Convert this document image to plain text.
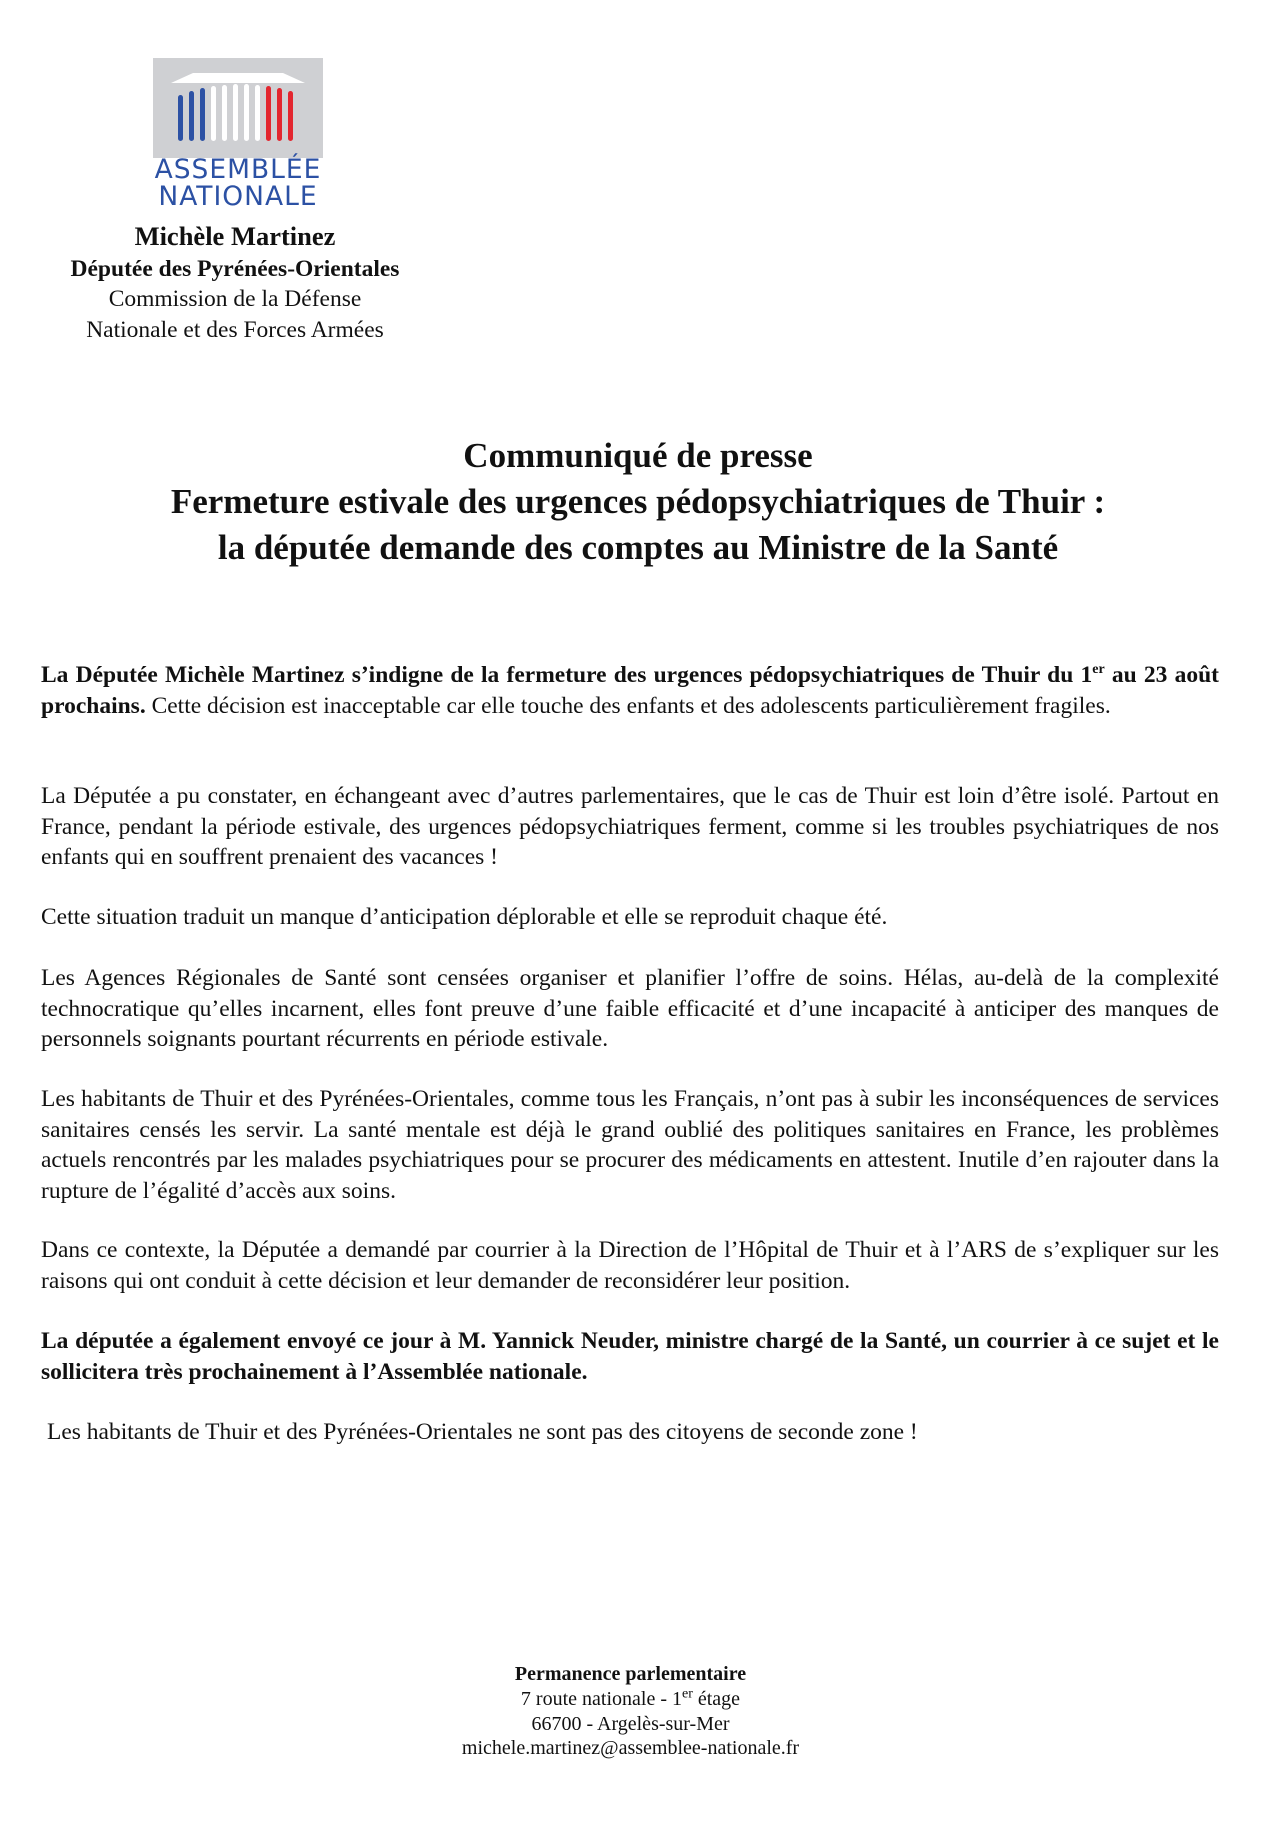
ASSEMBLÉE
NATIONALE
Michèle Martinez
Députée des Pyrénées-Orientales
Commission de la Défense
Nationale et des Forces Armées
Communiqué de presse
Fermeture estivale des urgences pédopsychiatriques de Thuir :
la députée demande des comptes au Ministre de la Santé

La Députée Michèle Martinez s’indigne de la fermeture des urgences pédopsychiatriques de Thuir du 1er au 23 août prochains. Cette décision est inacceptable car elle touche des enfants et des adolescents particulièrement fragiles.

La Députée a pu constater, en échangeant avec d’autres parlementaires, que le cas de Thuir est loin d’être isolé. Partout en France, pendant la période estivale, des urgences pédopsychiatriques ferment, comme si les troubles psychiatriques de nos enfants qui en souffrent prenaient des vacances !

Cette situation traduit un manque d’anticipation déplorable et elle se reproduit chaque été.

Les Agences Régionales de Santé sont censées organiser et planifier l’offre de soins. Hélas, au-delà de la complexité technocratique qu’elles incarnent, elles font preuve d’une faible efficacité et d’une incapacité à anticiper des manques de personnels soignants pourtant récurrents en période estivale.

Les habitants de Thuir et des Pyrénées-Orientales, comme tous les Français, n’ont pas à subir les inconséquences de services sanitaires censés les servir. La santé mentale est déjà le grand oublié des politiques sanitaires en France, les problèmes actuels rencontrés par les malades psychiatriques pour se procurer des médicaments en attestent. Inutile d’en rajouter dans la rupture de l’égalité d’accès aux soins.

Dans ce contexte, la Députée a demandé par courrier à la Direction de l’Hôpital de Thuir et à l’ARS de s’expliquer sur les raisons qui ont conduit à cette décision et leur demander de reconsidérer leur position.

La députée a également envoyé ce jour à M. Yannick Neuder, ministre chargé de la Santé, un courrier à ce sujet et le sollicitera très prochainement à l’Assemblée nationale.

Les habitants de Thuir et des Pyrénées-Orientales ne sont pas des citoyens de seconde zone !

Permanence parlementaire
7 route nationale - 1er étage
66700 - Argelès-sur-Mer
michele.martinez@assemblee-nationale.fr
